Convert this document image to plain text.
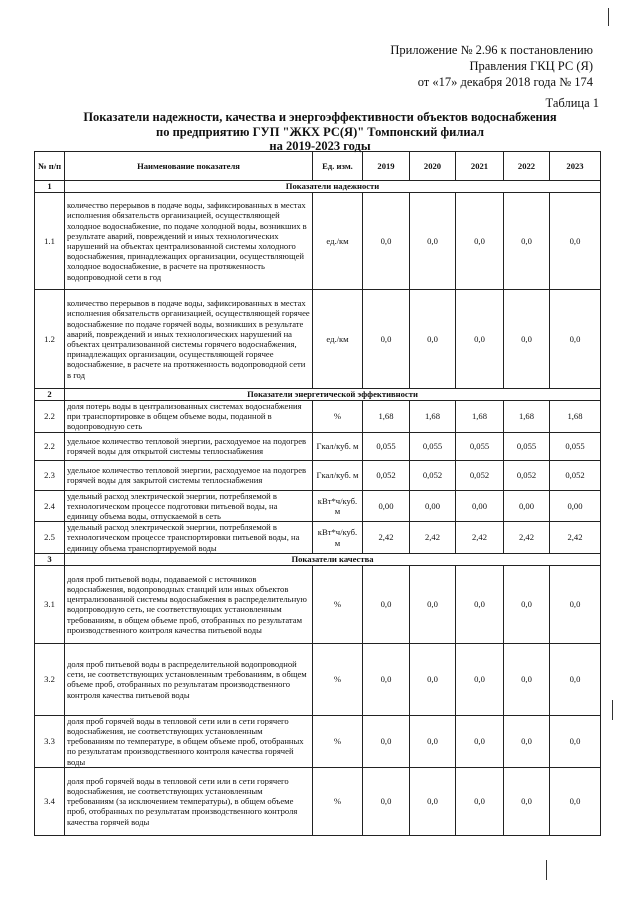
Приложение № 2.96 к постановлению
Правления ГКЦ РС (Я)
от «17» декабря 2018 года № 174
Таблица 1
Показатели надежности, качества и энергоэффективности объектов водоснабжения
по предприятию ГУП "ЖКХ РС(Я)" Томпонский филиал
на 2019-2023 годы
№ п/п	Наименование показателя	Ед. изм.	2019	2020	2021	2022	2023
1	Показатели надежности						
1.1	количество перерывов в подаче воды, зафиксированных в местах исполнения обязательств организацией, осуществляющей холодное водоснабжение, по подаче холодной воды, возникших в результате аварий, повреждений и иных технологических нарушений на объектах централизованной системы холодного водоснабжения, принадлежащих организации, осуществляющей холодное водоснабжение, в расчете на протяженность водопроводной сети в год	ед./км	0,0	0,0	0,0	0,0	0,0
1.2	количество перерывов в подаче воды, зафиксированных в местах исполнения обязательств организацией, осуществляющей горячее водоснабжение по подаче горячей воды, возникших в результате аварий, повреждений и иных технологических нарушений на объектах централизованной системы горячего водоснабжения, принадлежащих организации, осуществляющей горячее водоснабжение, в расчете на протяженность водопроводной сети в год	ед./км	0,0	0,0	0,0	0,0	0,0
2	Показатели энергетической эффективности						
2.2	доля потерь воды в централизованных системах водоснабжения при транспортировке в общем объеме воды, поданной в водопроводную сеть	%	1,68	1,68	1,68	1,68	1,68
2.2	удельное количество тепловой энергии, расходуемое на подогрев горячей воды для открытой системы теплоснабжения	Гкал/куб. м	0,055	0,055	0,055	0,055	0,055
2.3	удельное количество тепловой энергии, расходуемое на подогрев горячей воды для закрытой системы теплоснабжения	Гкал/куб. м	0,052	0,052	0,052	0,052	0,052
2.4	удельный расход электрической энергии, потребляемой в технологическом процессе подготовки питьевой воды, на единицу объема воды, отпускаемой в сеть	кВт*ч/куб. м	0,00	0,00	0,00	0,00	0,00
2.5	удельный расход электрической энергии, потребляемой в технологическом процессе транспортировки питьевой воды, на единицу объема транспортируемой воды	кВт*ч/куб. м	2,42	2,42	2,42	2,42	2,42
3	Показатели качества						
3.1	доля проб питьевой воды, подаваемой с источников водоснабжения, водопроводных станций или иных объектов централизованной системы водоснабжения в распределительную водопроводную сеть, не соответствующих установленным требованиям, в общем объеме проб, отобранных по результатам производственного контроля качества питьевой воды	%	0,0	0,0	0,0	0,0	0,0
3.2	доля проб питьевой воды в распределительной водопроводной сети, не соответствующих установленным требованиям, в общем объеме проб, отобранных по результатам производственного контроля качества питьевой воды	%	0,0	0,0	0,0	0,0	0,0
3.3	доля проб горячей воды в тепловой сети или в сети горячего водоснабжения, не соответствующих установленным требованиям по температуре, в общем объеме проб, отобранных по результатам производственного контроля качества горячей воды	%	0,0	0,0	0,0	0,0	0,0
3.4	доля проб горячей воды в тепловой сети или в сети горячего водоснабжения, не соответствующих установленным требованиям (за исключением температуры), в общем объеме проб, отобранных по результатам производственного контроля качества горячей воды	%	0,0	0,0	0,0	0,0	0,0
